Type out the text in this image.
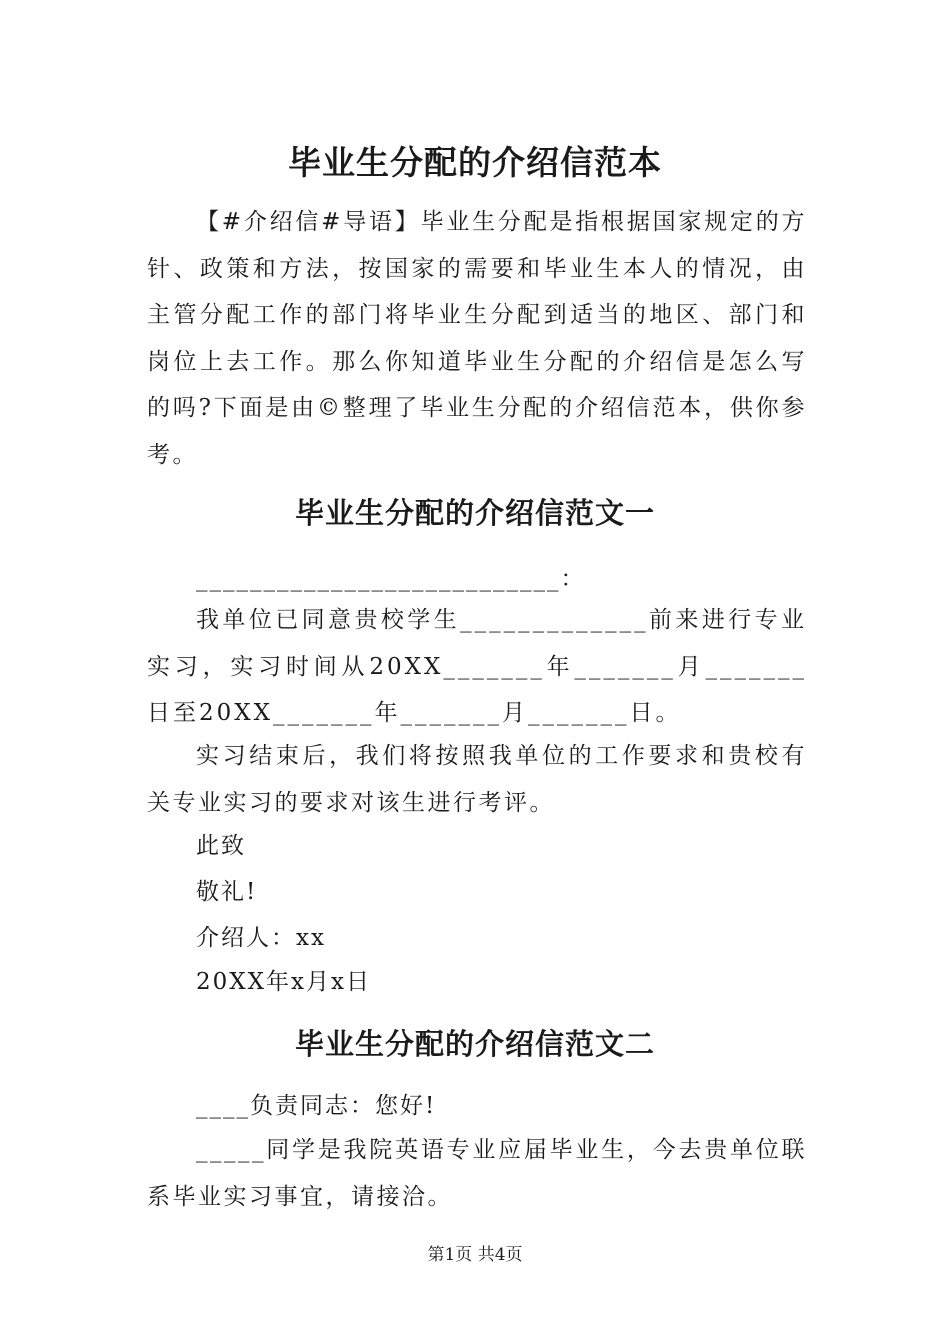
毕业生分配的介绍信范本

【#介绍信#导语】毕业生分配是指根据国家规定的方针、政策和方法，按国家的需要和毕业生本人的情况，由主管分配工作的部门将毕业生分配到适当的地区、部门和岗位上去工作。那么你知道毕业生分配的介绍信是怎么写的吗?下面是由©整理了毕业生分配的介绍信范本，供你参考。

毕业生分配的介绍信范文一

___________________________：

我单位已同意贵校学生_____________前来进行专业实习，实习时间从20XX_______年_______月_______日至20XX_______年_______月_______日。

实习结束后，我们将按照我单位的工作要求和贵校有关专业实习的要求对该生进行考评。

此致

敬礼!

介绍人：xx

20XX年x月x日

毕业生分配的介绍信范文二

____负责同志：您好!

_____同学是我院英语专业应届毕业生，今去贵单位联系毕业实习事宜，请接洽。

第1页 共4页
